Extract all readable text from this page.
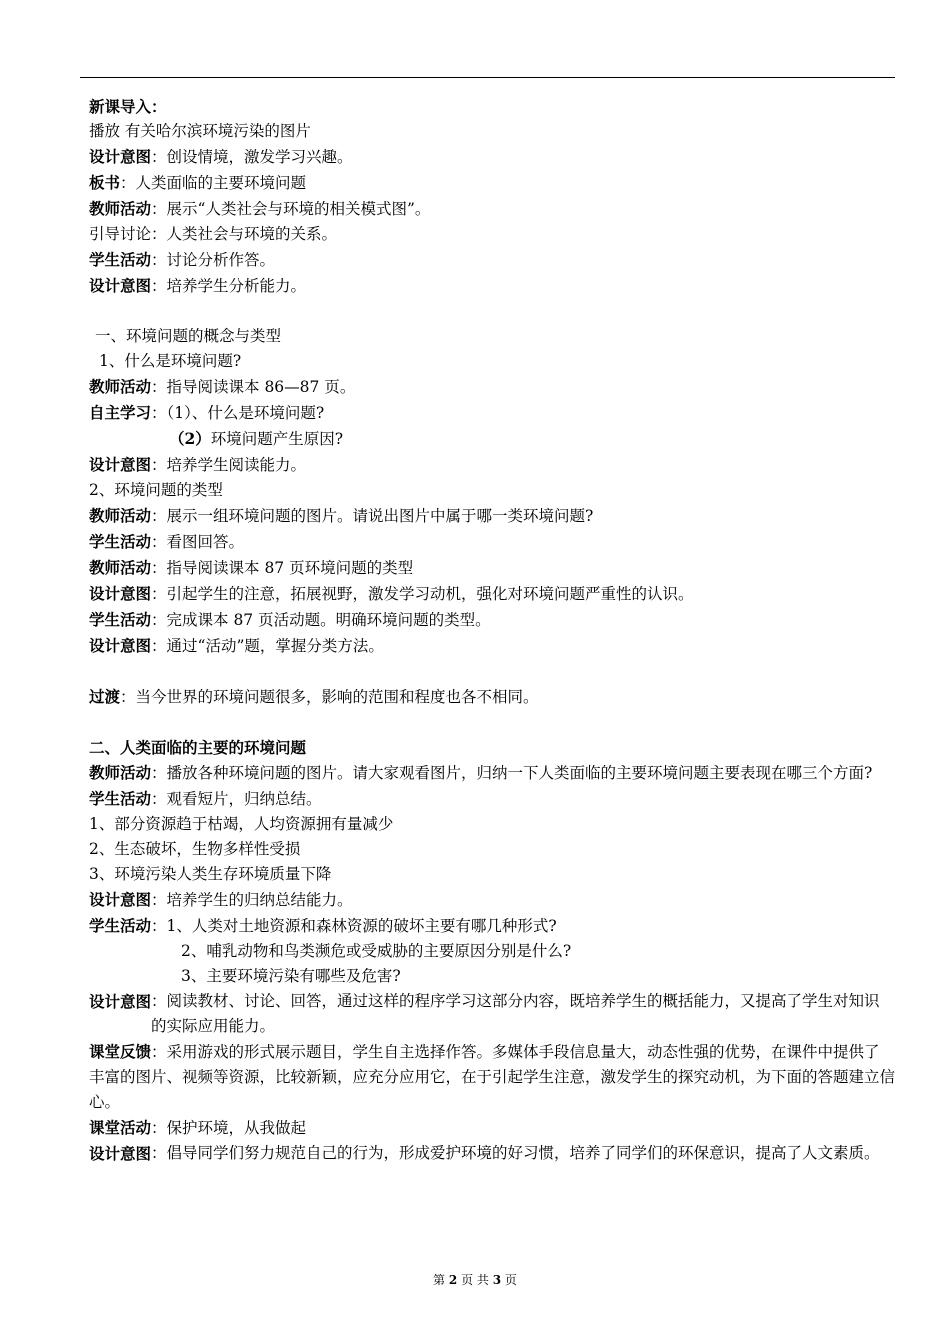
新课导入：
播放 有关哈尔滨环境污染的图片
设计意图：创设情境，激发学习兴趣。
板书：人类面临的主要环境问题
教师活动：展示“人类社会与环境的相关模式图”。
引导讨论：人类社会与环境的关系。
学生活动：讨论分析作答。
设计意图：培养学生分析能力。
一、环境问题的概念与类型
1、什么是环境问题?
教师活动：指导阅读课本 86—87 页。
自主学习：（1）、什么是环境问题?
（2）环境问题产生原因?
设计意图：培养学生阅读能力。
2、环境问题的类型
教师活动：展示一组环境问题的图片。请说出图片中属于哪一类环境问题?
学生活动：看图回答。
教师活动：指导阅读课本 87 页环境问题的类型
设计意图：引起学生的注意，拓展视野，激发学习动机，强化对环境问题严重性的认识。
学生活动：完成课本 87 页活动题。明确环境问题的类型。
设计意图：通过“活动”题，掌握分类方法。
过渡：当今世界的环境问题很多，影响的范围和程度也各不相同。
二、人类面临的主要的环境问题
教师活动：播放各种环境问题的图片。请大家观看图片，归纳一下人类面临的主要环境问题主要表现在哪三个方面?
学生活动：观看短片，归纳总结。
1、部分资源趋于枯竭，人均资源拥有量减少
2、生态破坏，生物多样性受损
3、环境污染人类生存环境质量下降
设计意图：培养学生的归纳总结能力。
学生活动：1、人类对土地资源和森林资源的破坏主要有哪几种形式?
2、哺乳动物和鸟类濒危或受威胁的主要原因分别是什么?
3、主要环境污染有哪些及危害?
设计意图 ：阅读教材、讨论、回答，通过这样的程序学习这部分内容，既培养学生的概括能力，又提高了学生对知识的实际应用能力。
课堂反馈：采用游戏的形式展示题目，学生自主选择作答。多媒体手段信息量大，动态性强的优势，在课件中提供了丰富的图片、视频等资源，比较新颖，应充分应用它，在于引起学生注意，激发学生的探究动机，为下面的答题建立信心。
课堂活动：保护环境，从我做起
设计意图 ：倡导同学们努力规范自己的行为，形成爱护环境的好习惯，培养了同学们的环保意识，提高了人文素质。
第 2 页 共 3 页
